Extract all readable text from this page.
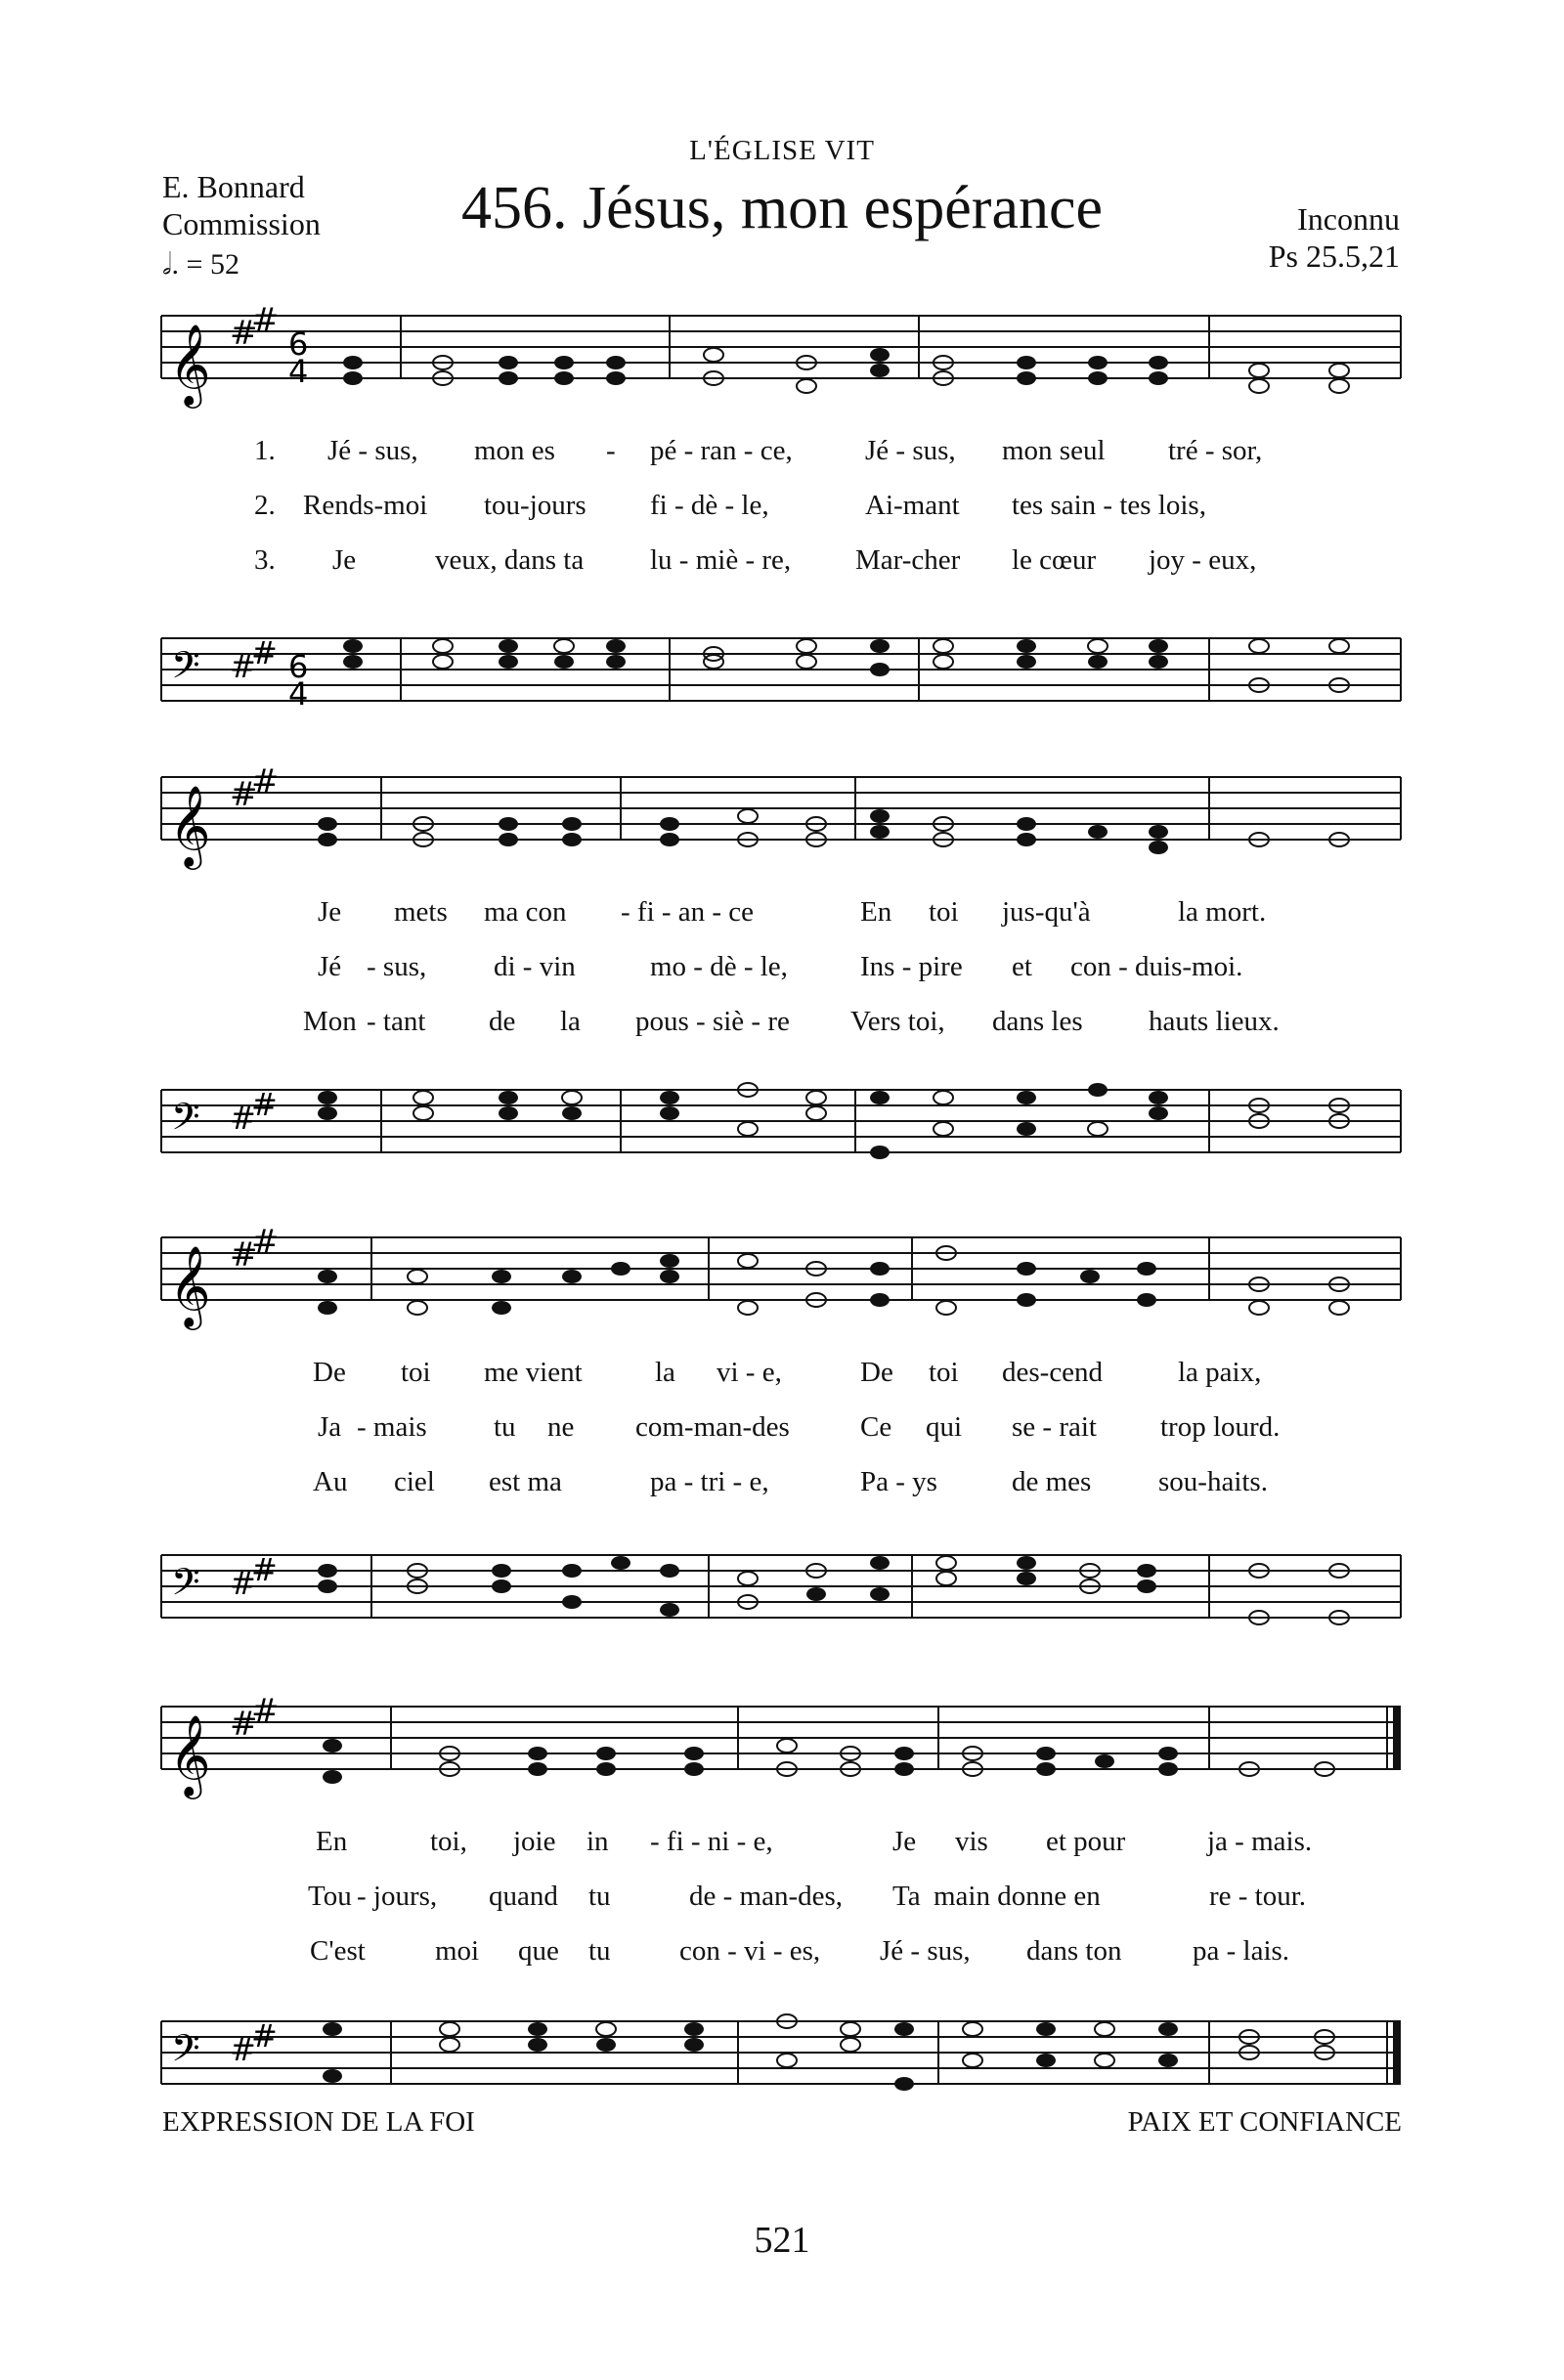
L'ÉGLISE VIT
456. Jésus, mon espérance
E. Bonnard
Commission
𝅗𝅥. = 52
Inconnu
Ps 25.5,21
𝄞 #
#
6
4
1. Jé - sus, mon es - pé - ran - ce,	Jé - sus, mon seul tré - sor,
2. Rends-moi tou-jours fi - dè - le,	Ai-mant tes sain - tes lois,
3. Je	veux, dans ta lu - miè - re, Mar-cher le cœur joy - eux,
𝄢 #
# 6
4
𝄞 #
#
Je mets ma con - fi - an - ce	En toi jus-qu'à	la mort.
Jé - sus, di - vin	mo - dè - le,	Ins - pire et con - duis-moi.
Mon - tant de la pous - siè - re Vers toi, dans les hauts lieux.
𝄢 #
#
𝄞 #
#
De toi me vient	la vi - e,	De toi des-cend	la paix,
Ja - mais tu ne com-man-des Ce qui se - rait trop lourd.
Au ciel est ma	pa - tri - e,	Pa - ys	de mes sou-haits.
𝄢 #
#
𝄞 #
#
En	toi, joie in - fi - ni - e,	Je vis et pour	ja - mais.
Tou - jours, quand tu	de - man-des, Ta main donne en	re - tour.
C'est moi que tu con - vi - es, Jé - sus, dans ton	pa - lais.
𝄢 #
#
EXPRESSION DE LA FOI	PAIX ET CONFIANCE
521
